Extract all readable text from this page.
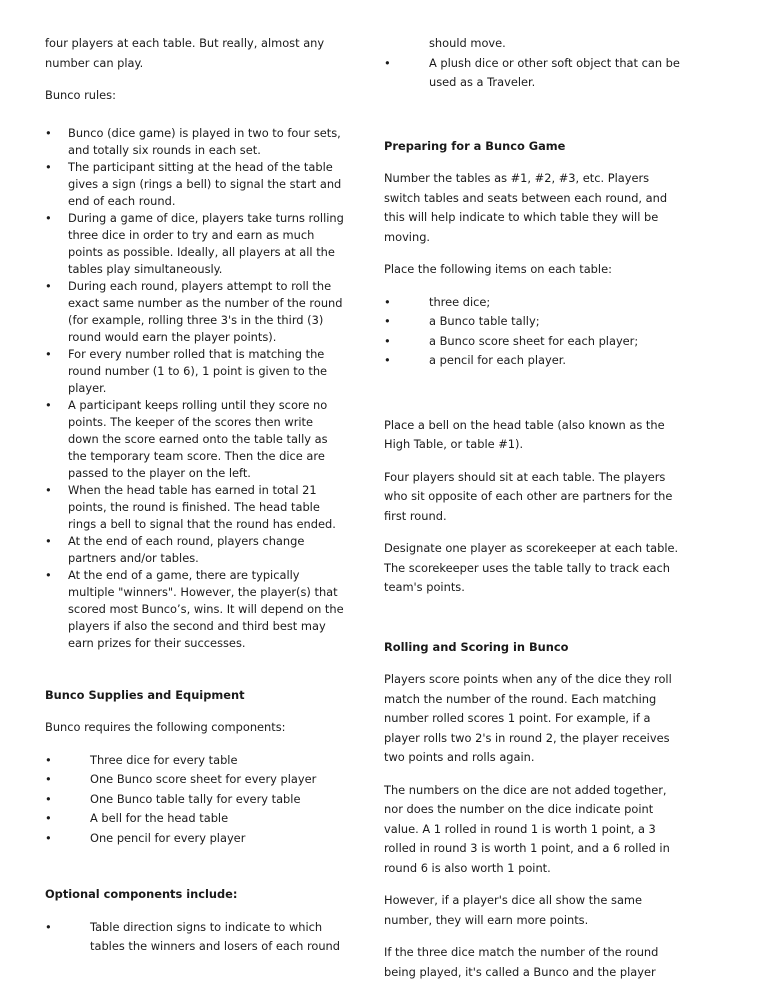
four players at each table. But really, almost any number can play.

Bunco rules:

• Bunco (dice game) is played in two to four sets, and totally six rounds in each set.
• The participant sitting at the head of the table gives a sign (rings a bell) to signal the start and end of each round.
• During a game of dice, players take turns rolling three dice in order to try and earn as much points as possible. Ideally, all players at all the tables play simultaneously.
• During each round, players attempt to roll the exact same number as the number of the round (for example, rolling three 3's in the third (3) round would earn the player points).
• For every number rolled that is matching the round number (1 to 6), 1 point is given to the player.
• A participant keeps rolling until they score no points. The keeper of the scores then write down the score earned onto the table tally as the temporary team score. Then the dice are passed to the player on the left.
• When the head table has earned in total 21 points, the round is finished. The head table rings a bell to signal that the round has ended.
• At the end of each round, players change partners and/or tables.
• At the end of a game, there are typically multiple "winners". However, the player(s) that scored most Bunco’s, wins. It will depend on the players if also the second and third best may earn prizes for their successes.

Bunco Supplies and Equipment

Bunco requires the following components:

• Three dice for every table
• One Bunco score sheet for every player
• One Bunco table tally for every table
• A bell for the head table
• One pencil for every player

Optional components include:

• Table direction signs to indicate to which tables the winners and losers of each round

should move.

• A plush dice or other soft object that can be used as a Traveler.

Preparing for a Bunco Game

Number the tables as #1, #2, #3, etc. Players switch tables and seats between each round, and this will help indicate to which table they will be moving.

Place the following items on each table:

• three dice;
• a Bunco table tally;
• a Bunco score sheet for each player;
• a pencil for each player.

Place a bell on the head table (also known as the High Table, or table #1).

Four players should sit at each table. The players who sit opposite of each other are partners for the first round.

Designate one player as scorekeeper at each table. The scorekeeper uses the table tally to track each team's points.

Rolling and Scoring in Bunco

Players score points when any of the dice they roll match the number of the round. Each matching number rolled scores 1 point. For example, if a player rolls two 2's in round 2, the player receives two points and rolls again.

The numbers on the dice are not added together, nor does the number on the dice indicate point value. A 1 rolled in round 1 is worth 1 point, a 3 rolled in round 3 is worth 1 point, and a 6 rolled in round 6 is also worth 1 point.

However, if a player's dice all show the same number, they will earn more points.

If the three dice match the number of the round being played, it's called a Bunco and the player
